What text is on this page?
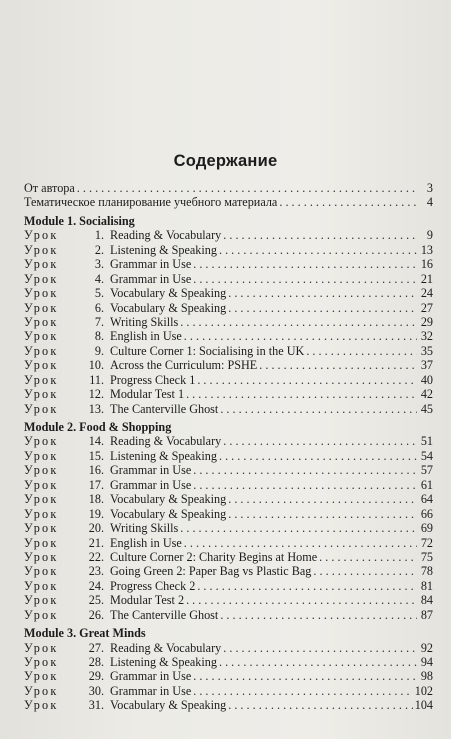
Содержание
От автора . . .	3
Тематическое планирование учебного материала . . .	4
Module 1. Socialising
Урок	1. Reading & Vocabulary . . .	9
Урок	2. Listening & Speaking . . .	13
Урок	3. Grammar in Use . . .	16
Урок	4. Grammar in Use . . .	21
Урок	5. Vocabulary & Speaking . . .	24
Урок	6. Vocabulary & Speaking . . .	27
Урок	7. Writing Skills . . .	29
Урок	8. English in Use . . .	32
Урок	9. Culture Corner 1: Socialising in the UK . . .	35
Урок	10. Across the Curriculum: PSHE . . .	37
Урок	11. Progress Check 1 . . .	40
Урок	12. Modular Test 1 . . .	42
Урок	13. The Canterville Ghost . . .	45
Module 2. Food & Shopping
Урок	14. Reading & Vocabulary . . .	51
Урок	15. Listening & Speaking . . .	54
Урок	16. Grammar in Use . . .	57
Урок	17. Grammar in Use . . .	61
Урок	18. Vocabulary & Speaking . . .	64
Урок	19. Vocabulary & Speaking . . .	66
Урок	20. Writing Skills . . .	69
Урок	21. English in Use . . .	72
Урок	22. Culture Corner 2: Charity Begins at Home . . .	75
Урок	23. Going Green 2: Paper Bag vs Plastic Bag . . .	78
Урок	24. Progress Check 2 . . .	81
Урок	25. Modular Test 2 . . .	84
Урок	26. The Canterville Ghost . . .	87
Module 3. Great Minds
Урок	27. Reading & Vocabulary . . .	92
Урок	28. Listening & Speaking . . .	94
Урок	29. Grammar in Use . . .	98
Урок	30. Grammar in Use . . .	102
Урок	31. Vocabulary & Speaking . . .	104
